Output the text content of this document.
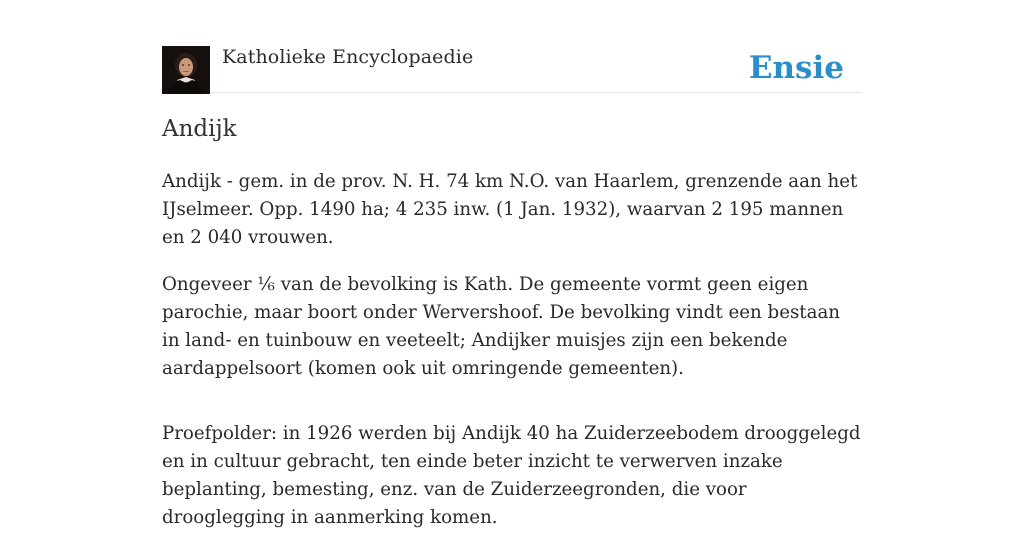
Katholieke Encyclopaedie	Ensie
Andijk

Andijk - gem. in de prov. N. H. 74 km N.O. van Haarlem, grenzende aan het IJselmeer. Opp. 1490 ha; 4 235 inw. (1 Jan. 1932), waarvan 2 195 mannen en 2 040 vrouwen.

Ongeveer ⅙ van de bevolking is Kath. De gemeente vormt geen eigen parochie, maar boort onder Wervershoof. De bevolking vindt een bestaan in land- en tuinbouw en veeteelt; Andijker muisjes zijn een bekende aardappelsoort (komen ook uit omringende gemeenten).

Proefpolder: in 1926 werden bij Andijk 40 ha Zuiderzeebodem drooggelegd en in cultuur gebracht, ten einde beter inzicht te verwerven inzake beplanting, bemesting, enz. van de Zuiderzeegronden, die voor drooglegging in aanmerking komen.
